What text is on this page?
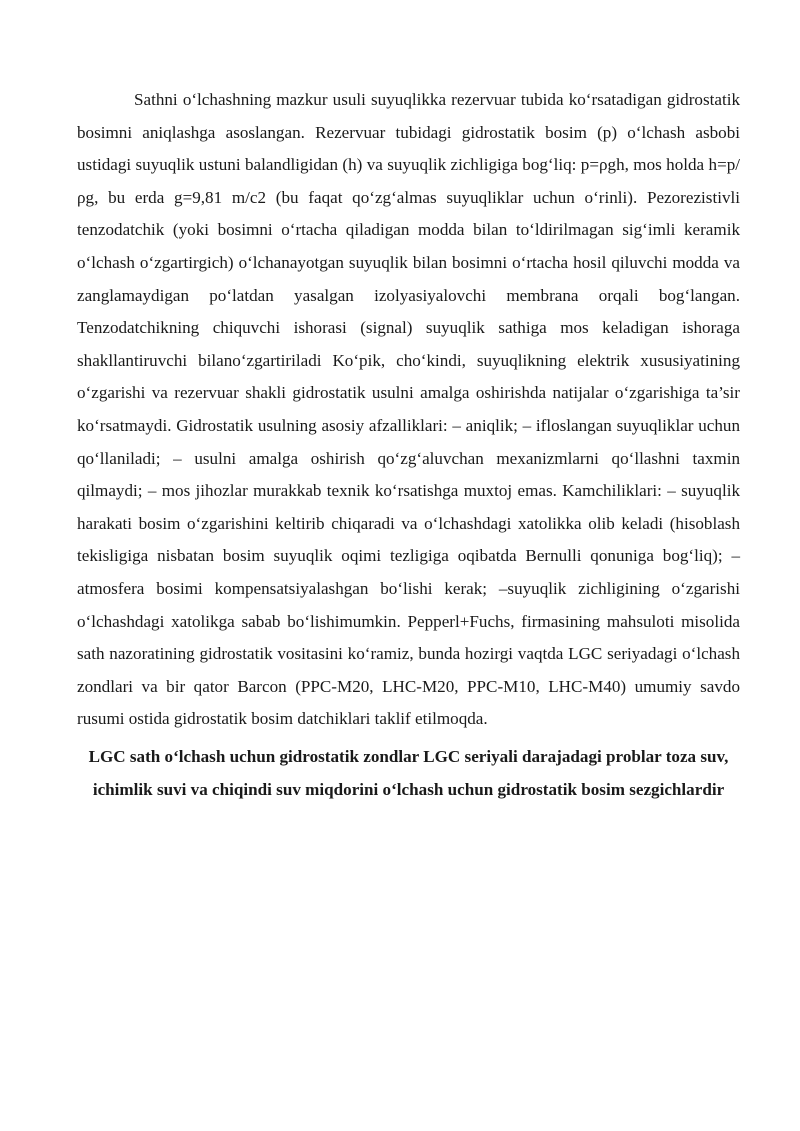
Sathni o‘lchashning mazkur usuli suyuqlikka rezervuar tubida ko‘rsatadigan gidrostatik bosimni aniqlashga asoslangan. Rezervuar tubidagi gidrostatik bosim (p) o‘lchash asbobi ustidagi suyuqlik ustuni balandligidan (h) va suyuqlik zichligiga bog‘liq: p=ρgh, mos holda h=p/ρg, bu erda g=9,81 m/c2 (bu faqat qo‘zg‘almas suyuqliklar uchun o‘rinli). Pezorezistivli tenzodatchik (yoki bosimni o‘rtacha qiladigan modda bilan to‘ldirilmagan sig‘imli keramik o‘lchash o‘zgartirgich) o‘lchanayotgan suyuqlik bilan bosimni o‘rtacha hosil qiluvchi modda va zanglamaydigan po‘latdan yasalgan izolyasiyalovchi membrana orqali bog‘langan. Tenzodatchikning chiquvchi ishorasi (signal) suyuqlik sathiga mos keladigan ishoraga shakllantiruvchi bilano‘zgartiriladi Ko‘pik, cho‘kindi, suyuqlikning elektrik xususiyatining o‘zgarishi va rezervuar shakli gidrostatik usulni amalga oshirishda natijalar o‘zgarishiga ta’sir ko‘rsatmaydi. Gidrostatik usulning asosiy afzalliklari: – aniqlik; – ifloslangan suyuqliklar uchun qo‘llaniladi; – usulni amalga oshirish qo‘zg‘aluvchan mexanizmlarni qo‘llashni taxmin qilmaydi; – mos jihozlar murakkab texnik ko‘rsatishga muxtoj emas. Kamchiliklari: – suyuqlik harakati bosim o‘zgarishini keltirib chiqaradi va o‘lchashdagi xatolikka olib keladi (hisoblash tekisligiga nisbatan bosim suyuqlik oqimi tezligiga oqibatda Bernulli qonuniga bog‘liq); – atmosfera bosimi kompensatsiyalashgan bo‘lishi kerak; –suyuqlik zichligining o‘zgarishi o‘lchashdagi xatolikga sabab bo‘lishimumkin. Pepperl+Fuchs, firmasining mahsuloti misolida sath nazoratining gidrostatik vositasini ko‘ramiz, bunda hozirgi vaqtda LGC seriyadagi o‘lchash zondlari va bir qator Barcon (PPC-M20, LHC-M20, PPC-M10, LHC-M40) umumiy savdo rusumi ostida gidrostatik bosim datchiklari taklif etilmoqda.

LGC sath o‘lchash uchun gidrostatik zondlar LGC seriyali darajadagi problar toza suv, ichimlik suvi va chiqindi suv miqdorini o‘lchash uchun gidrostatik bosim sezgichlardir
